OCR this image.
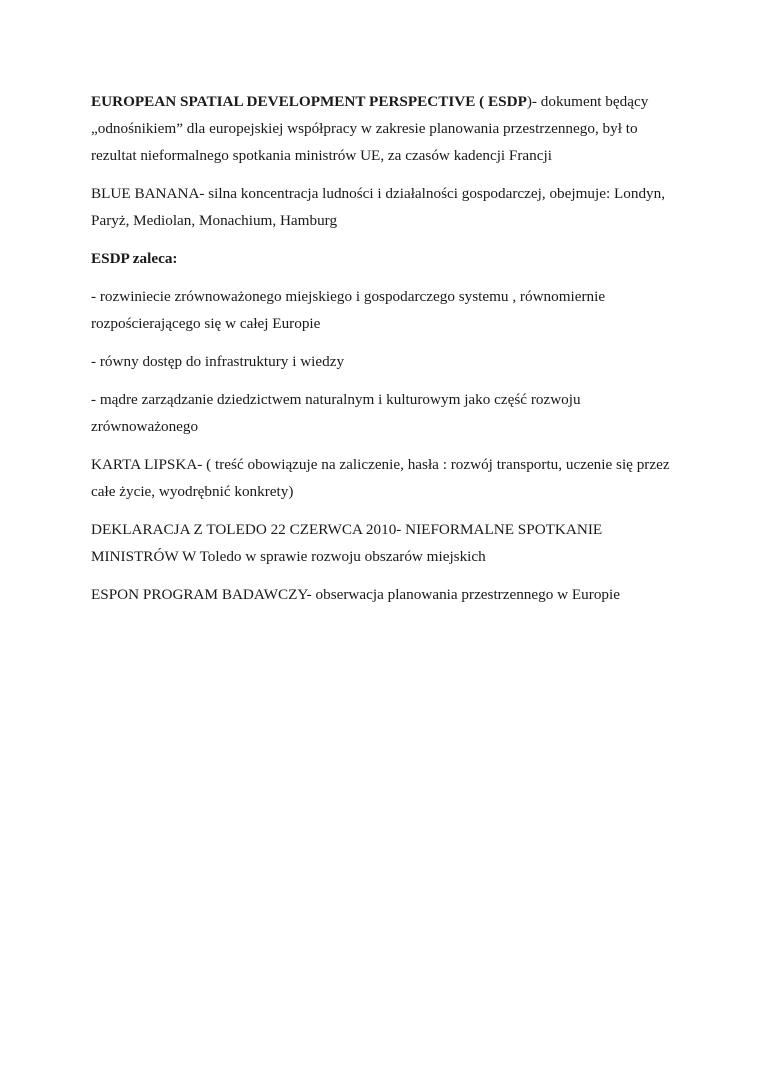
EUROPEAN SPATIAL DEVELOPMENT PERSPECTIVE ( ESDP)- dokument będący „odnośnikiem” dla europejskiej współpracy w zakresie planowania przestrzennego, był to rezultat nieformalnego spotkania ministrów UE, za czasów kadencji Francji

BLUE BANANA- silna koncentracja ludności i działalności gospodarczej, obejmuje: Londyn, Paryż, Mediolan, Monachium, Hamburg

ESDP zaleca:

- rozwiniecie zrównoważonego miejskiego i gospodarczego systemu , równomiernie rozpościerającego się w całej Europie

- równy dostęp do infrastruktury i wiedzy

- mądre zarządzanie dziedzictwem naturalnym i kulturowym jako część rozwoju zrównoważonego

KARTA LIPSKA- ( treść obowiązuje na zaliczenie, hasła : rozwój transportu, uczenie się przez całe życie, wyodrębnić konkrety)

DEKLARACJA Z TOLEDO 22 CZERWCA 2010- NIEFORMALNE SPOTKANIE MINISTRÓW W Toledo w sprawie rozwoju obszarów miejskich

ESPON PROGRAM BADAWCZY- obserwacja planowania przestrzennego w Europie
